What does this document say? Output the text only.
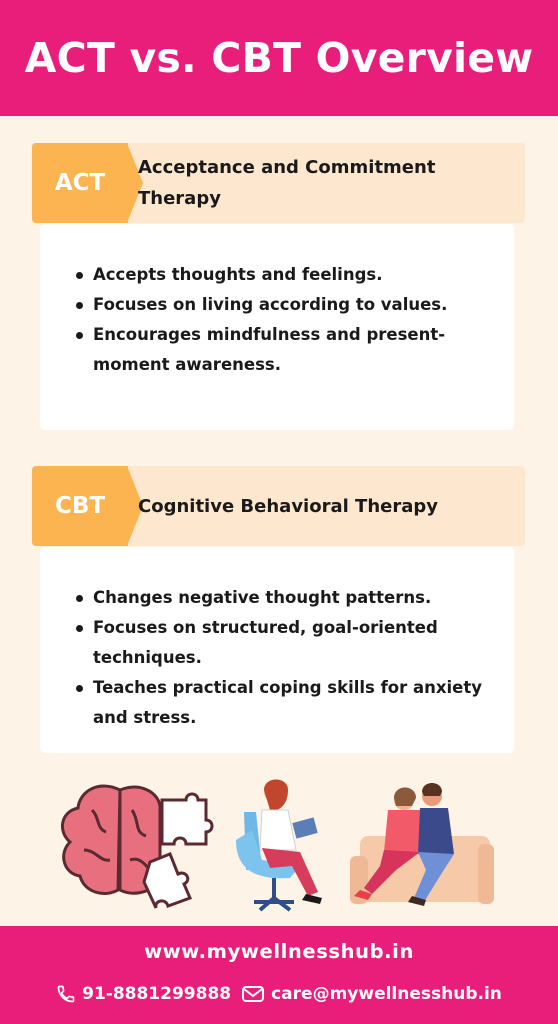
ACT vs. CBT Overview
ACT
Acceptance and Commitment Therapy
Accepts thoughts and feelings.
Focuses on living according to values.
Encourages mindfulness and present-moment awareness.
CBT	Cognitive Behavioral Therapy
Changes negative thought patterns.
Focuses on structured, goal-oriented techniques.
Teaches practical coping skills for anxiety and stress.
www.mywellnesshub.in
91-8881299888 care@mywellnesshub.in
